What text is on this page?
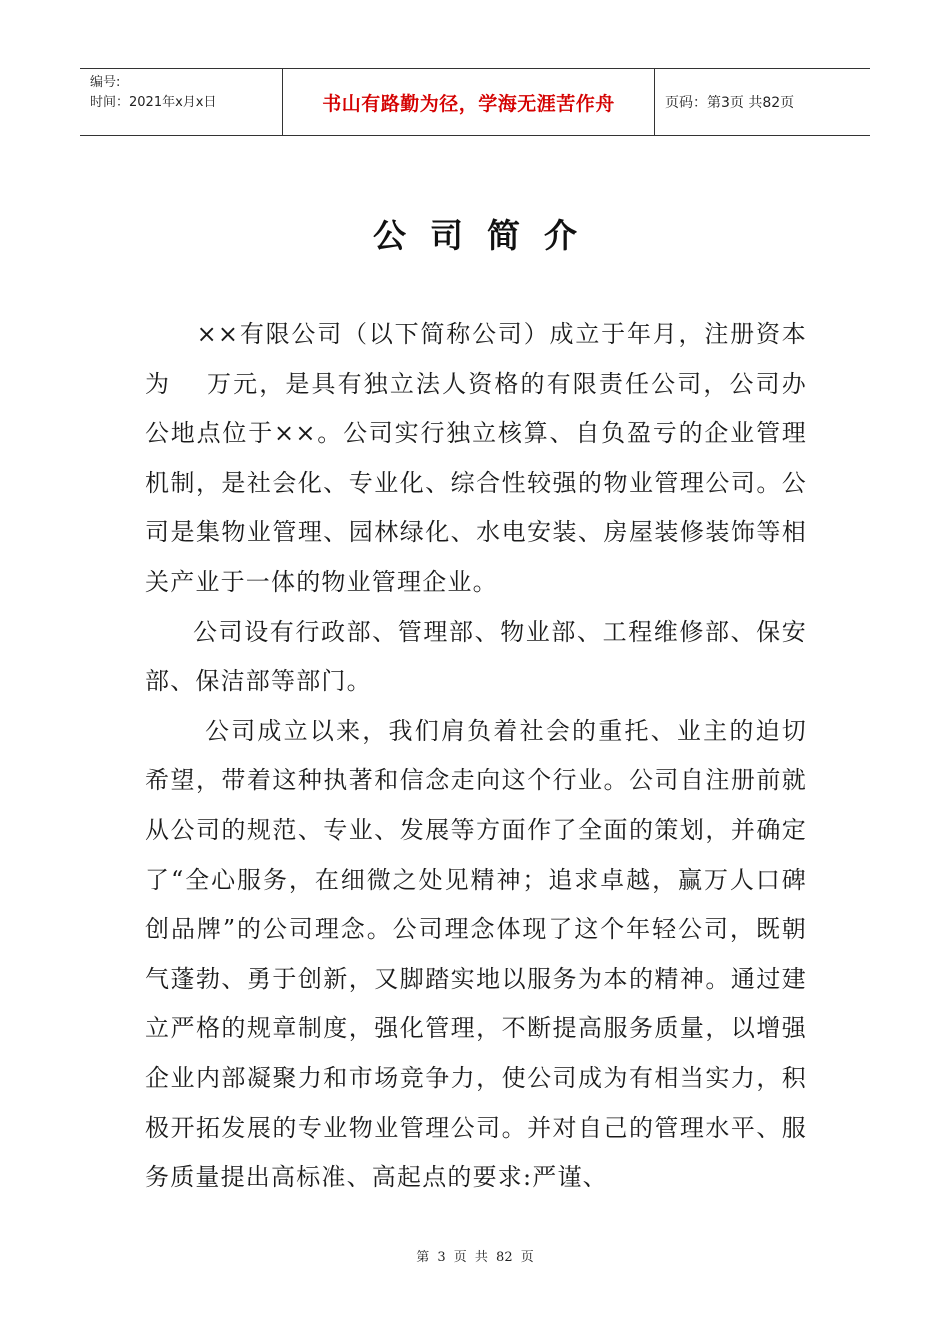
编号:
时间：2021年x月x日	书山有路勤为径，学海无涯苦作舟	页码：第3页 共82页
公司简介

××有限公司（以下简称公司）成立于年月，注册资本为　 万元，是具有独立法人资格的有限责任公司，公司办公地点位于××。公司实行独立核算、自负盈亏的企业管理机制，是社会化、专业化、综合性较强的物业管理公司。公司是集物业管理、园林绿化、水电安装、房屋装修装饰等相关产业于一体的物业管理企业。

公司设有行政部、管理部、物业部、工程维修部、保安部、保洁部等部门。

公司成立以来，我们肩负着社会的重托、业主的迫切希望，带着这种执著和信念走向这个行业。公司自注册前就从公司的规范、专业、发展等方面作了全面的策划，并确定了“全心服务，在细微之处见精神；追求卓越，赢万人口碑创品牌”的公司理念。公司理念体现了这个年轻公司，既朝气蓬勃、勇于创新，又脚踏实地以服务为本的精神。通过建立严格的规章制度，强化管理，不断提高服务质量，以增强企业内部凝聚力和市场竞争力，使公司成为有相当实力，积极开拓发展的专业物业管理公司。并对自己的管理水平、服务质量提出高标准、高起点的要求:严谨、

第 3 页 共 82 页
